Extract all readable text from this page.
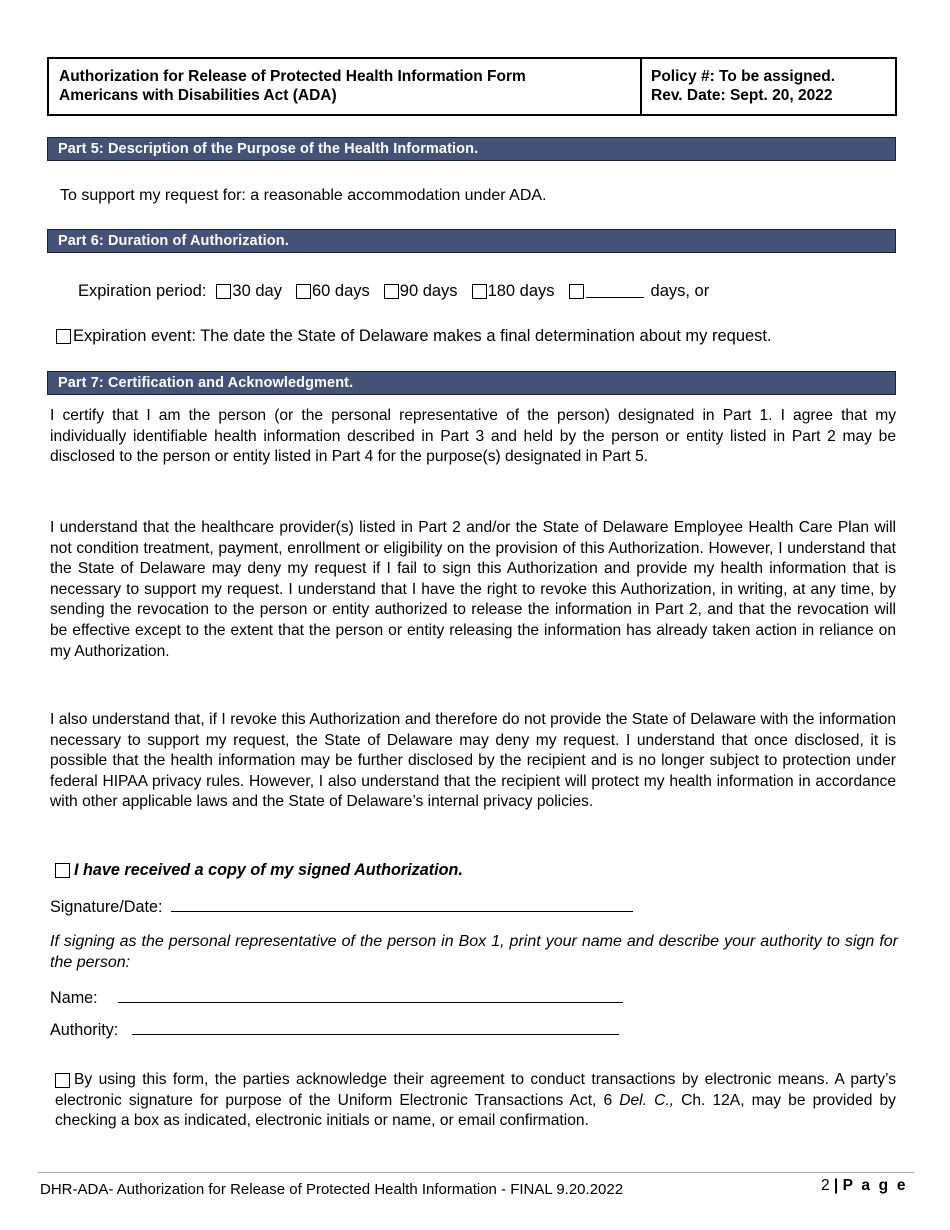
Authorization for Release of Protected Health Information Form
Americans with Disabilities Act (ADA)
Policy #: To be assigned.
Rev. Date: Sept. 20, 2022
Part 5: Description of the Purpose of the Health Information.
To support my request for: a reasonable accommodation under ADA.
Part 6: Duration of Authorization.
Expiration period: 30 day 60 days 90 days 180 days	days, or
Expiration event: The date the State of Delaware makes a final determination about my request.
Part 7: Certification and Acknowledgment.
I certify that I am the person (or the personal representative of the person) designated in Part 1. I agree that my individually identifiable health information described in Part 3 and held by the person or entity listed in Part 2 may be disclosed to the person or entity listed in Part 4 for the purpose(s) designated in Part 5.
I understand that the healthcare provider(s) listed in Part 2 and/or the State of Delaware Employee Health Care Plan will not condition treatment, payment, enrollment or eligibility on the provision of this Authorization. However, I understand that the State of Delaware may deny my request if I fail to sign this Authorization and provide my health information that is necessary to support my request. I understand that I have the right to revoke this Authorization, in writing, at any time, by sending the revocation to the person or entity authorized to release the information in Part 2, and that the revocation will be effective except to the extent that the person or entity releasing the information has already taken action in reliance on my Authorization.
I also understand that, if I revoke this Authorization and therefore do not provide the State of Delaware with the information necessary to support my request, the State of Delaware may deny my request. I understand that once disclosed, it is possible that the health information may be further disclosed by the recipient and is no longer subject to protection under federal HIPAA privacy rules. However, I also understand that the recipient will protect my health information in accordance with other applicable laws and the State of Delaware’s internal privacy policies.
I have received a copy of my signed Authorization.
Signature/Date:
If signing as the personal representative of the person in Box 1, print your name and describe your authority to sign for the person:
Name:
Authority:
By using this form, the parties acknowledge their agreement to conduct transactions by electronic means. A party’s electronic signature for purpose of the Uniform Electronic Transactions Act, 6 Del. C., Ch. 12A, may be provided by checking a box as indicated, electronic initials or name, or email confirmation.
DHR-ADA- Authorization for Release of Protected Health Information - FINAL 9.20.2022	2 | P a g e
